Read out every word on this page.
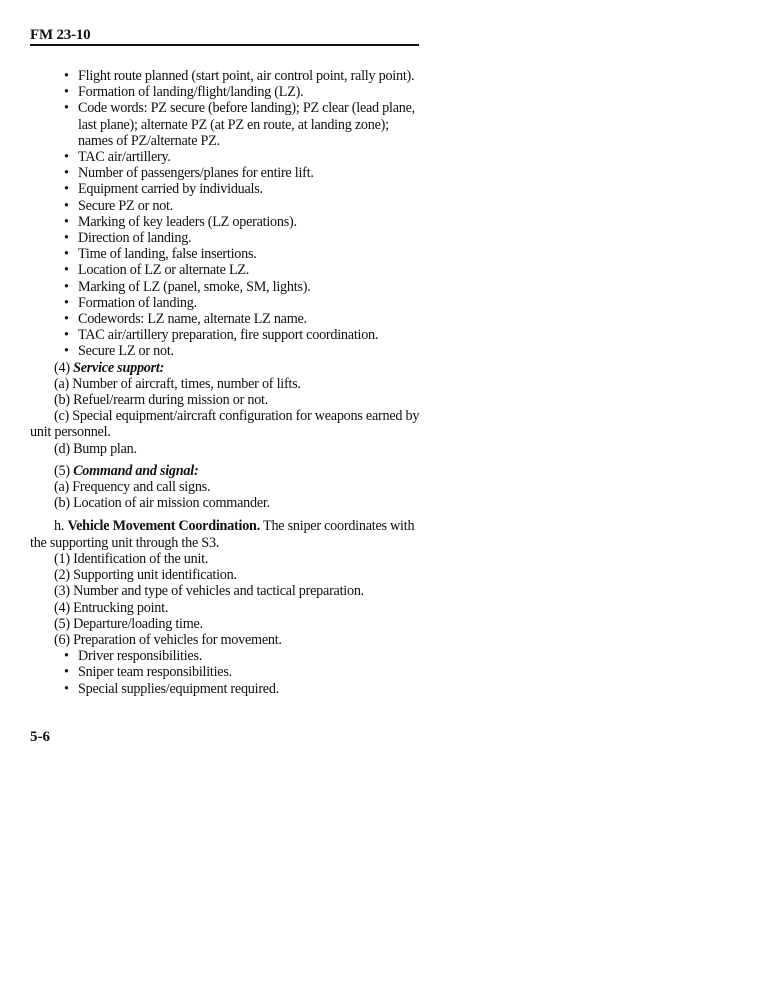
FM 23-10
• Flight route planned (start point, air control point, rally point).
• Formation of landing/flight/landing (LZ).
• Code words: PZ secure (before landing); PZ clear (lead plane, last plane); alternate PZ (at PZ en route, at landing zone); names of PZ/alternate PZ.
• TAC air/artillery.
• Number of passengers/planes for entire lift.
• Equipment carried by individuals.
• Secure PZ or not.
• Marking of key leaders (LZ operations).
• Direction of landing.
• Time of landing, false insertions.
• Location of LZ or alternate LZ.
• Marking of LZ (panel, smoke, SM, lights).
• Formation of landing.
• Codewords: LZ name, alternate LZ name.
• TAC air/artillery preparation, fire support coordination.
• Secure LZ or not.

(4) Service support:

(a) Number of aircraft, times, number of lifts.

(b) Refuel/rearm during mission or not.

(c) Special equipment/aircraft configuration for weapons earned by unit personnel.

(d) Bump plan.

(5) Command and signal:

(a) Frequency and call signs.

(b) Location of air mission commander.

h. Vehicle Movement Coordination. The sniper coordinates with the supporting unit through the S3.

(1) Identification of the unit.

(2) Supporting unit identification.

(3) Number and type of vehicles and tactical preparation.

(4) Entrucking point.

(5) Departure/loading time.

(6) Preparation of vehicles for movement.

• Driver responsibilities.
• Sniper team responsibilities.
• Special supplies/equipment required.
5-6
